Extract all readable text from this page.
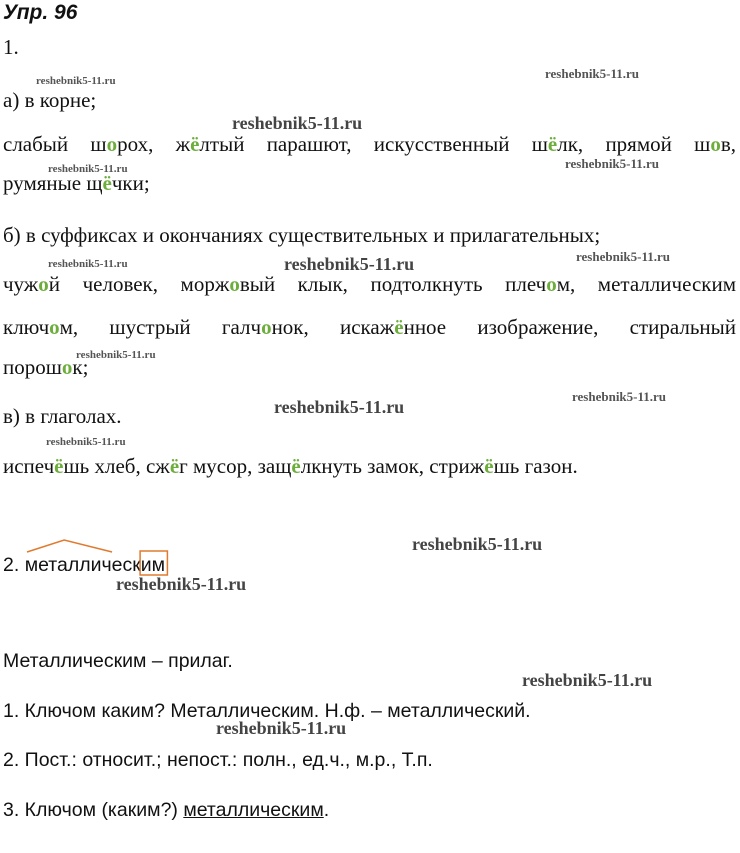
Упр. 96
1.
а) в корне;
слабый шорох, жёлтый парашют, искусственный шёлк, прямой шов,
румяные щёчки;
б) в суффиксах и окончаниях существительных и прилагательных;
чужой человек, моржовый клык, подтолкнуть плечом, металлическим
ключом, шустрый галчонок, искажённое изображение, стиральный
порошок;
в) в глаголах.
испечёшь хлеб, сжёг мусор, защёлкнуть замок, стрижёшь газон.
2. металлическим
Металлическим – прилаг.
1. Ключом каким? Металлическим. Н.ф. – металлический.
2. Пост.: относит.; непост.: полн., ед.ч., м.р., Т.п.
3. Ключом (каким?) металлическим.
reshebnik5-11.ru	reshebnik5-11.ru
reshebnik5-11.ru
reshebnik5-11.ru	reshebnik5-11.ru
reshebnik5-11.ru	reshebnik5-11.ru	reshebnik5-11.ru
reshebnik5-11.ru
reshebnik5-11.ru
reshebnik5-11.ru
reshebnik5-11.ru
reshebnik5-11.ru
reshebnik5-11.ru
reshebnik5-11.ru
reshebnik5-11.ru
